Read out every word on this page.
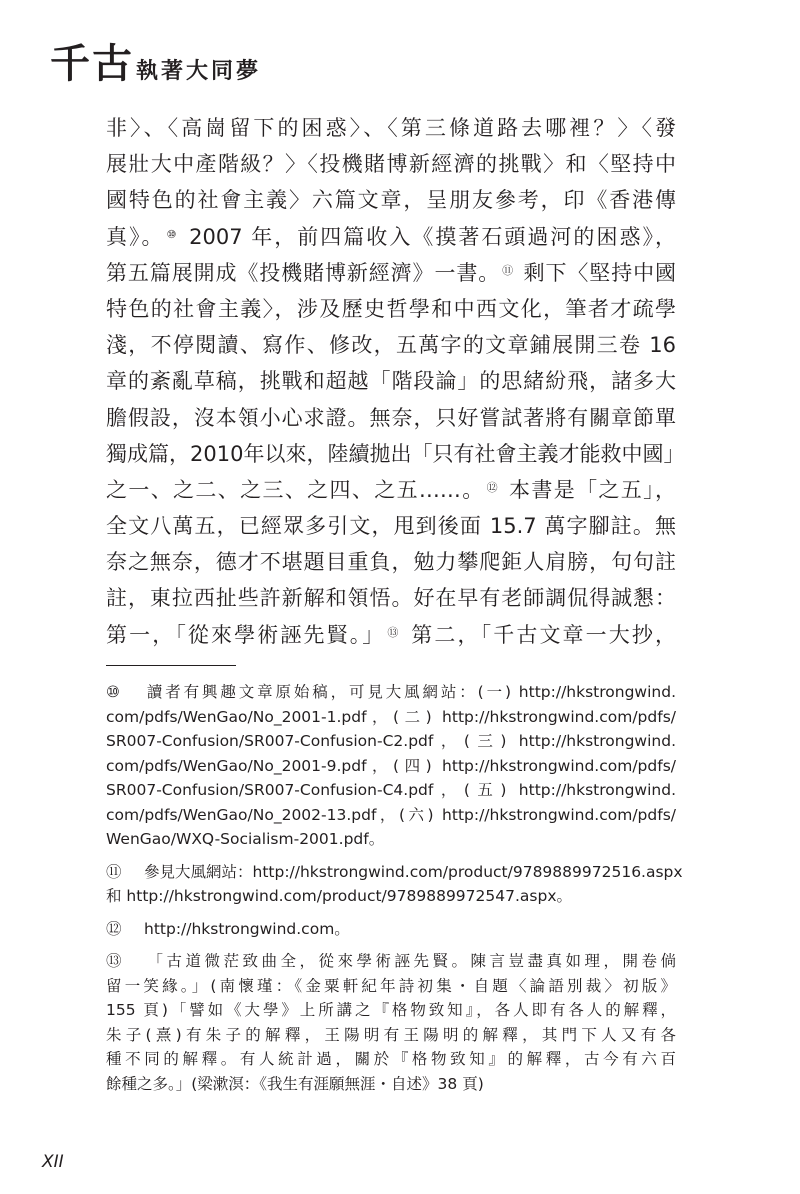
千古 執著大同夢
非〉、〈高崗留下的困惑〉、〈第三條道路去哪裡？〉〈發
展壯大中產階級？〉〈投機賭博新經濟的挑戰〉和〈堅持中
國特色的社會主義〉六篇文章，呈朋友參考，印《香港傳
真》。 ⑩ 2007 年，前四篇收入《摸著石頭過河的困惑》，
第五篇展開成《投機賭博新經濟》一書。 ⑪ 剩下〈堅持中國
特色的社會主義〉，涉及歷史哲學和中西文化，筆者才疏學
淺，不停閱讀、寫作、修改，五萬字的文章鋪展開三卷 16
章的紊亂草稿，挑戰和超越「階段論」的思緒紛飛，諸多大
膽假設，沒本領小心求證。無奈，只好嘗試著將有關章節單
獨成篇，2010年以來，陸續拋出「只有社會主義才能救中國」
之一、之二、之三、之四、之五……。 ⑫ 本書是「之五」，
全文八萬五，已經眾多引文，甩到後面 15.7 萬字腳註。無
奈之無奈，德才不堪題目重負，勉力攀爬鉅人肩膀，句句註
註，東拉西扯些許新解和領悟。好在早有老師調侃得誠懇：
第一，「從來學術誣先賢。」 ⑬ 第二，「千古文章一大抄，
⑩ 讀者有興趣文章原始稿，可見大風網站：(一) http://hkstrongwind.
com/pdfs/WenGao/No_2001-1.pdf，(二) http://hkstrongwind.com/pdfs/
SR007-Confusion/SR007-Confusion-C2.pdf，(三) http://hkstrongwind.
com/pdfs/WenGao/No_2001-9.pdf，(四) http://hkstrongwind.com/pdfs/
SR007-Confusion/SR007-Confusion-C4.pdf，(五) http://hkstrongwind.
com/pdfs/WenGao/No_2002-13.pdf，(六) http://hkstrongwind.com/pdfs/
WenGao/WXQ-Socialism-2001.pdf。
⑪ 參見大風網站：http://hkstrongwind.com/product/9789889972516.aspx
和 http://hkstrongwind.com/product/9789889972547.aspx。
⑫ http://hkstrongwind.com。
⑬ 「古道微茫致曲全，從來學術誣先賢。陳言豈盡真如理，開卷倘
留一笑緣。」(南懷瑾：《金粟軒紀年詩初集・自題〈論語別裁〉初版》
155 頁)「譬如《大學》上所講之『格物致知』，各人即有各人的解釋，
朱子(熹)有朱子的解釋，王陽明有王陽明的解釋，其門下人又有各
種不同的解釋。有人統計過，關於『格物致知』的解釋，古今有六百
餘種之多。」(梁漱溟：《我生有涯願無涯・自述》38 頁)
XII
